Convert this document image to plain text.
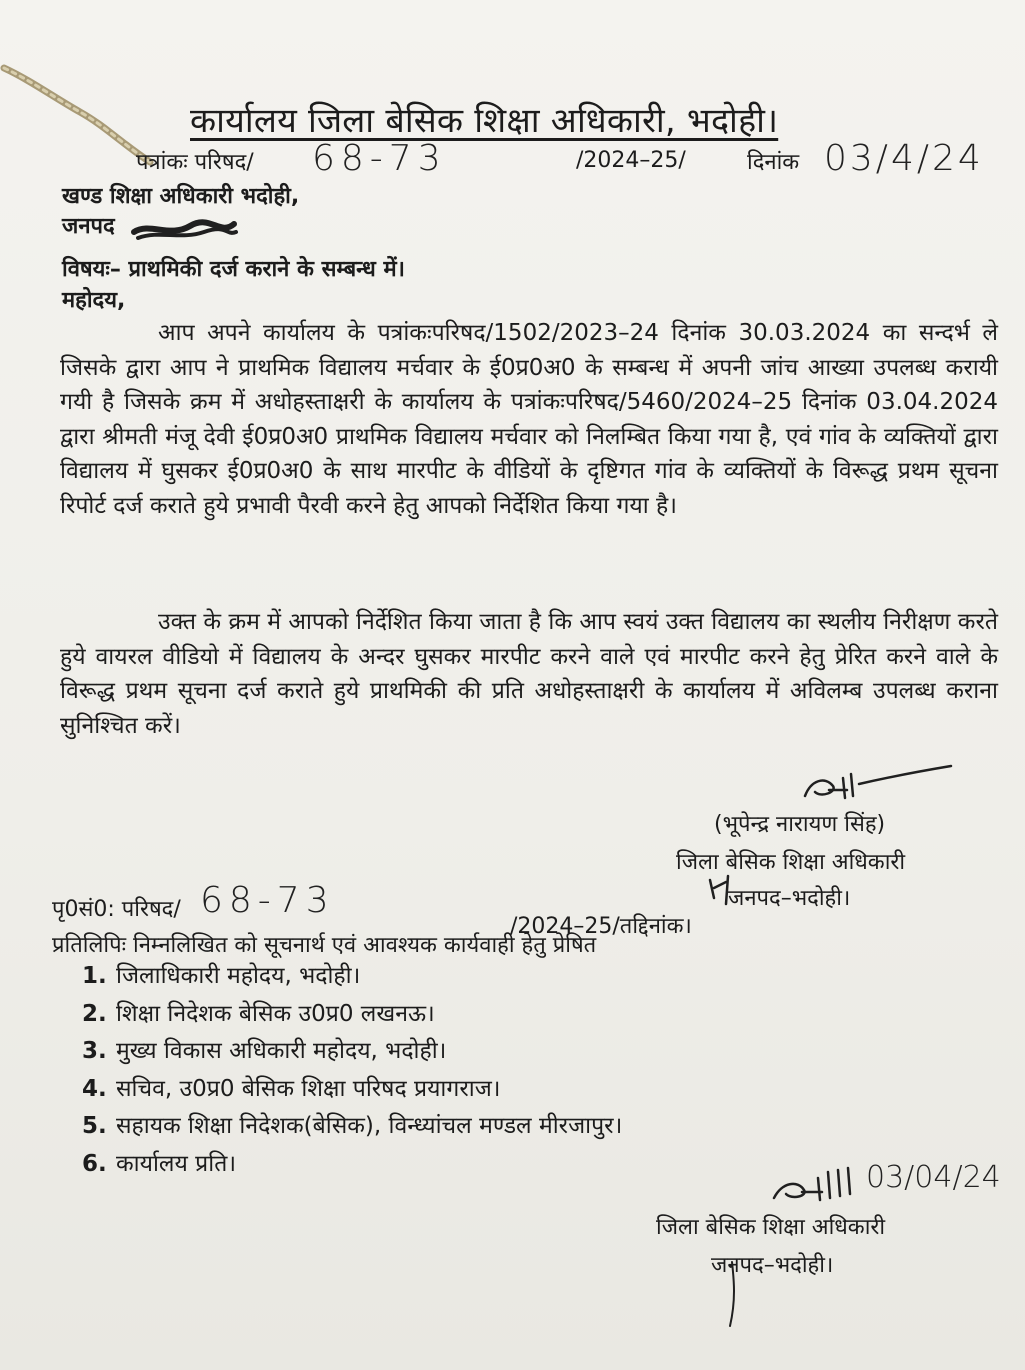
कार्यालय जिला बेसिक शिक्षा अधिकारी, भदोही।
पत्रांकः परिषद/ 68-73	/2024–25/	दिनांक 03/4/24
खण्ड शिक्षा अधिकारी भदोही,
जनपद
विषयः– प्राथमिकी दर्ज कराने के सम्बन्ध में।
महोदय,
आप अपने कार्यालय के पत्रांकःपरिषद/1502/2023–24 दिनांक 30.03.2024 का सन्दर्भ ले जिसके द्वारा आप ने प्राथमिक विद्यालय मर्चवार के ई0प्र0अ0 के सम्बन्ध में अपनी जांच आख्या उपलब्ध करायी गयी है जिसके क्रम में अधोहस्ताक्षरी के कार्यालय के पत्रांकःपरिषद/5460/2024–25 दिनांक 03.04.2024 द्वारा श्रीमती मंजू देवी ई0प्र0अ0 प्राथमिक विद्यालय मर्चवार को निलम्बित किया गया है, एवं गांव के व्यक्तियों द्वारा विद्यालय में घुसकर ई0प्र0अ0 के साथ मारपीट के वीडियों के दृष्टिगत गांव के व्यक्तियों के विरूद्ध प्रथम सूचना रिपोर्ट दर्ज कराते हुये प्रभावी पैरवी करने हेतु आपको निर्देशित किया गया है।
उक्त के क्रम में आपको निर्देशित किया जाता है कि आप स्वयं उक्त विद्यालय का स्थलीय निरीक्षण करते हुये वायरल वीडियो में विद्यालय के अन्दर घुसकर मारपीट करने वाले एवं मारपीट करने हेतु प्रेरित करने वाले के विरूद्ध प्रथम सूचना दर्ज कराते हुये प्राथमिकी की प्रति अधोहस्ताक्षरी के कार्यालय में अविलम्ब उपलब्ध कराना सुनिश्चित करें।
(भूपेन्द्र नारायण सिंह)
जिला बेसिक शिक्षा अधिकारी
जनपद–भदोही।
पृ0सं0: परिषद/ 68-73
/2024–25/तद्दिनांक।
प्रतिलिपिः निम्नलिखित को सूचनार्थ एवं आवश्यक कार्यवाही हेतु प्रेषित
1. जिलाधिकारी महोदय, भदोही।
2. शिक्षा निदेशक बेसिक उ0प्र0 लखनऊ।
3. मुख्य विकास अधिकारी महोदय, भदोही।
4. सचिव, उ0प्र0 बेसिक शिक्षा परिषद प्रयागराज।
5. सहायक शिक्षा निदेशक(बेसिक), विन्ध्यांचल मण्डल मीरजापुर।
6. कार्यालय प्रति।	03/04/24
जिला बेसिक शिक्षा अधिकारी
जनपद–भदोही।
